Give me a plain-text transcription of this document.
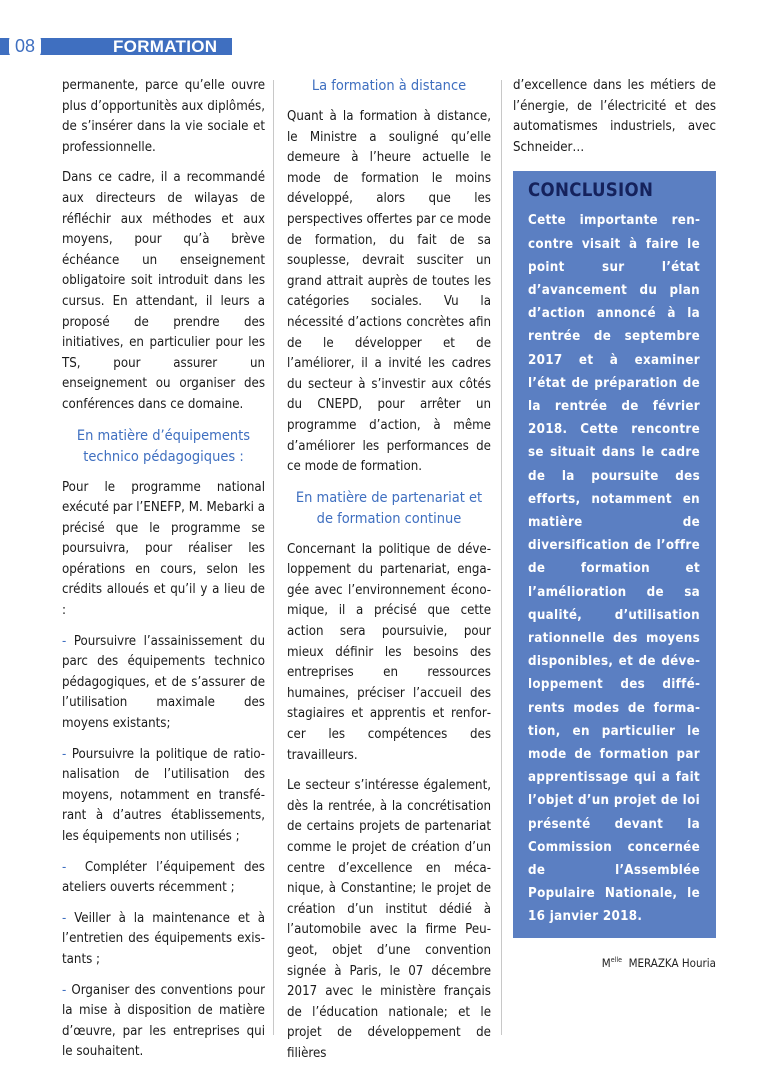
08	FORMATION

permanente, parce qu’elle ouvre plus d’opportunitès aux diplômés, de s’insérer dans la vie sociale et professionnelle.

Dans ce cadre, il a recommandé aux directeurs de wilayas de réfléchir aux méthodes et aux moyens, pour qu’à brève échéance un enseignement obligatoire soit introduit dans les cursus. En attendant, il leurs a proposé de prendre des initiatives, en particulier pour les TS, pour assurer un enseignement ou organiser des conférences dans ce domaine.

En matière d’équipements technico pédagogiques :

Pour le programme national exécuté par l’ENEFP, M. Mebarki a précisé que le programme se poursuivra, pour réaliser les opérations en cours, selon les crédits alloués et qu’il y a lieu de :

- Poursuivre l’assainissement du parc des équipements technico pédagogiques, et de s’assurer de l’utilisation maximale des moyens existants;

- Poursuivre la politique de rationalisation de l’utilisation des moyens, notamment en transférant à d’autres établissements, les équipements non utilisés ;

- Compléter l’équipement des ateliers ouverts récemment ;

- Veiller à la maintenance et à l’entretien des équipements existants ;

- Organiser des conventions pour la mise à disposition de matière d’œuvre, par les entreprises qui le souhaitent.

La formation à distance

Quant à la formation à distance, le Ministre a souligné qu’elle demeure à l’heure actuelle le mode de formation le moins développé, alors que les perspectives offertes par ce mode de formation, du fait de sa souplesse, devrait susciter un grand attrait auprès de toutes les catégories sociales. Vu la nécessité d’actions concrètes afin de le développer et de l’améliorer, il a invité les cadres du secteur à s’investir aux côtés du CNEPD, pour arrêter un programme d’action, à même d’améliorer les performances de ce mode de formation.

En matière de partenariat et de formation continue

Concernant la politique de développement du partenariat, engagée avec l’environnement économique, il a précisé que cette action sera poursuivie, pour mieux définir les besoins des entreprises en ressources humaines, préciser l’accueil des stagiaires et apprentis et renforcer les compétences des travailleurs.

Le secteur s’intéresse également, dès la rentrée, à la concrétisation de certains projets de partenariat comme le projet de création d’un centre d’excellence en mécanique, à Constantine; le projet de création d’un institut dédié à l’automobile avec la firme Peugeot, objet d’une convention signée à Paris, le 07 décembre 2017 avec le ministère français de l’éducation nationale; et le projet de développement de filières

d’excellence dans les métiers de l’énergie, de l’électricité et des automatismes industriels, avec Schneider…

CONCLUSION

Cette importante rencontre visait à faire le point sur l’état d’avancement du plan d’action annoncé à la rentrée de septembre 2017 et à examiner l’état de préparation de la rentrée de février 2018. Cette rencontre se situait dans le cadre de la poursuite des efforts, notamment en matière de diversification de l’offre de formation et l’amélioration de sa qualité, d’utilisation rationnelle des moyens disponibles, et de développement des différents modes de formation, en particulier le mode de formation par apprentissage qui a fait l’objet d’un projet de loi présenté devant la Commission concernée de l’Assemblée Populaire Nationale, le 16 janvier 2018.

$M^{elle}$ MERAZKA Houria
